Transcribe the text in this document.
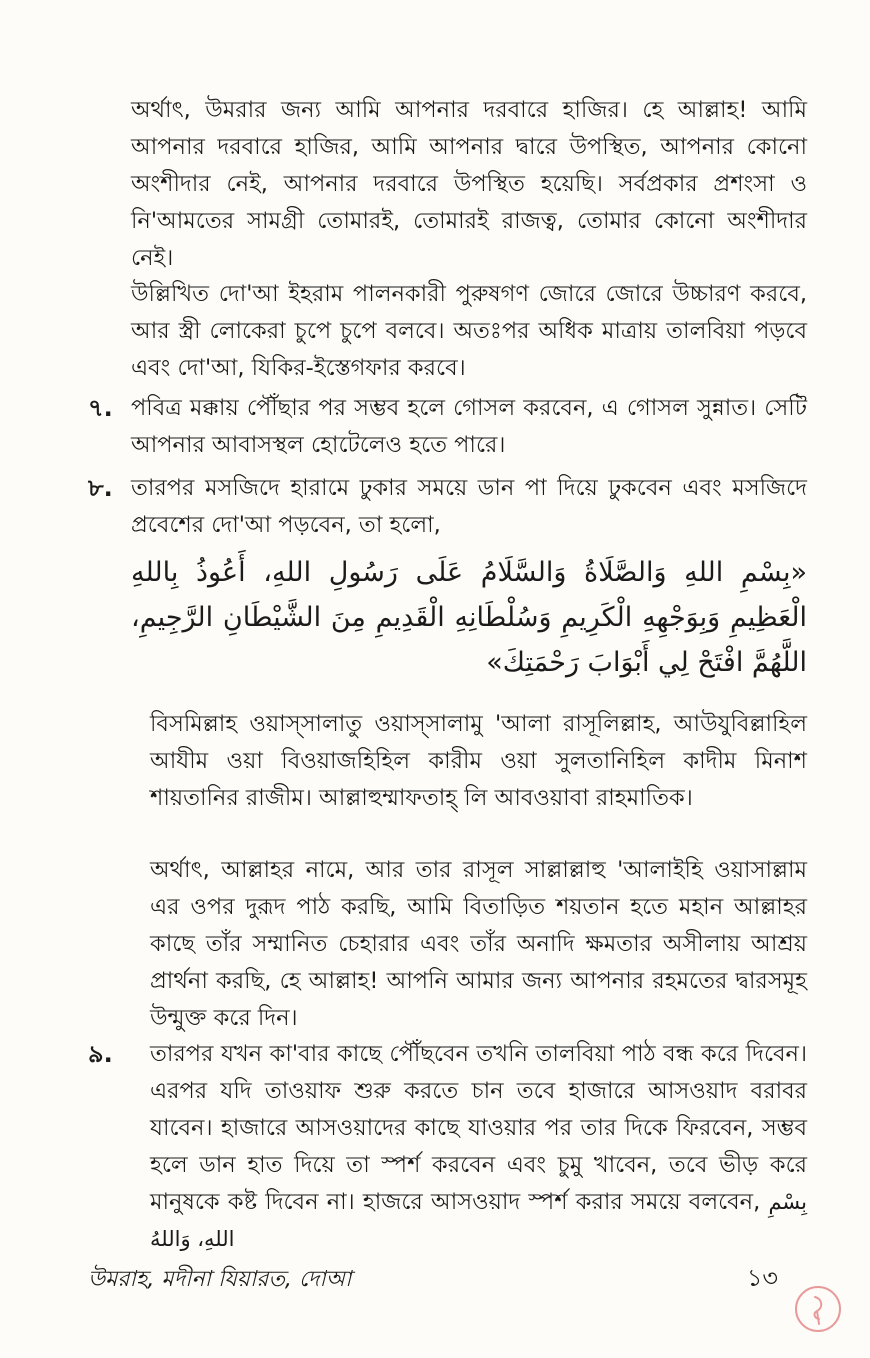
অর্থাৎ, উমরার জন্য আমি আপনার দরবারে হাজির। হে আল্লাহ! আমি আপনার দরবারে হাজির, আমি আপনার দ্বারে উপস্থিত, আপনার কোনো অংশীদার নেই, আপনার দরবারে উপস্থিত হয়েছি। সর্বপ্রকার প্রশংসা ও নি'আমতের সামগ্রী তোমারই, তোমারই রাজত্ব, তোমার কোনো অংশীদার নেই।

উল্লিখিত দো'আ ইহরাম পালনকারী পুরুষগণ জোরে জোরে উচ্চারণ করবে, আর স্ত্রী লোকেরা চুপে চুপে বলবে। অতঃপর অধিক মাত্রায় তালবিয়া পড়বে এবং দো'আ, যিকির-ইস্তেগফার করবে।

৭. পবিত্র মক্কায় পৌঁছার পর সম্ভব হলে গোসল করবেন, এ গোসল সুন্নাত। সেটি আপনার আবাসস্থল হোটেলেও হতে পারে।

৮. তারপর মসজিদে হারামে ঢুকার সময়ে ডান পা দিয়ে ঢুকবেন এবং মসজিদে প্রবেশের দো'আ পড়বেন, তা হলো,

«بِسْمِ اللهِ وَالصَّلَاةُ وَالسَّلَامُ عَلَى رَسُولِ اللهِ، أَعُوذُ بِاللهِ الْعَظِيمِ وَبِوَجْهِهِ الْكَرِيمِ وَسُلْطَانِهِ الْقَدِيمِ مِنَ الشَّيْطَانِ الرَّجِيمِ، اللَّهُمَّ افْتَحْ لِي أَبْوَابَ رَحْمَتِكَ»

বিসমিল্লাহ ওয়াস্সালাতু ওয়াস্সালামু 'আলা রাসূলিল্লাহ, আউযুবিল্লাহিল আযীম ওয়া বিওয়াজহিহিল কারীম ওয়া সুলতানিহিল কাদীম মিনাশ শায়তানির রাজীম। আল্লাহুম্মাফতাহ্ লি আবওয়াবা রাহমাতিক।

অর্থাৎ, আল্লাহর নামে, আর তার রাসূল সাল্লাল্লাহু 'আলাইহি ওয়াসাল্লাম এর ওপর দুরূদ পাঠ করছি, আমি বিতাড়িত শয়তান হতে মহান আল্লাহর কাছে তাঁর সম্মানিত চেহারার এবং তাঁর অনাদি ক্ষমতার অসীলায় আশ্রয় প্রার্থনা করছি, হে আল্লাহ! আপনি আমার জন্য আপনার রহমতের দ্বারসমূহ উন্মুক্ত করে দিন।

৯. তারপর যখন কা'বার কাছে পৌঁছবেন তখনি তালবিয়া পাঠ বন্ধ করে দিবেন। এরপর যদি তাওয়াফ শুরু করতে চান তবে হাজারে আসওয়াদ বরাবর যাবেন। হাজারে আসওয়াদের কাছে যাওয়ার পর তার দিকে ফিরবেন, সম্ভব হলে ডান হাত দিয়ে তা স্পর্শ করবেন এবং চুমু খাবেন, তবে ভীড় করে মানুষকে কষ্ট দিবেন না। হাজরে আসওয়াদ স্পর্শ করার সময়ে বলবেন, بِسْمِ اللهِ، وَاللهُ

উমরাহ, মদীনা যিয়ারত, দোআ	১৩
